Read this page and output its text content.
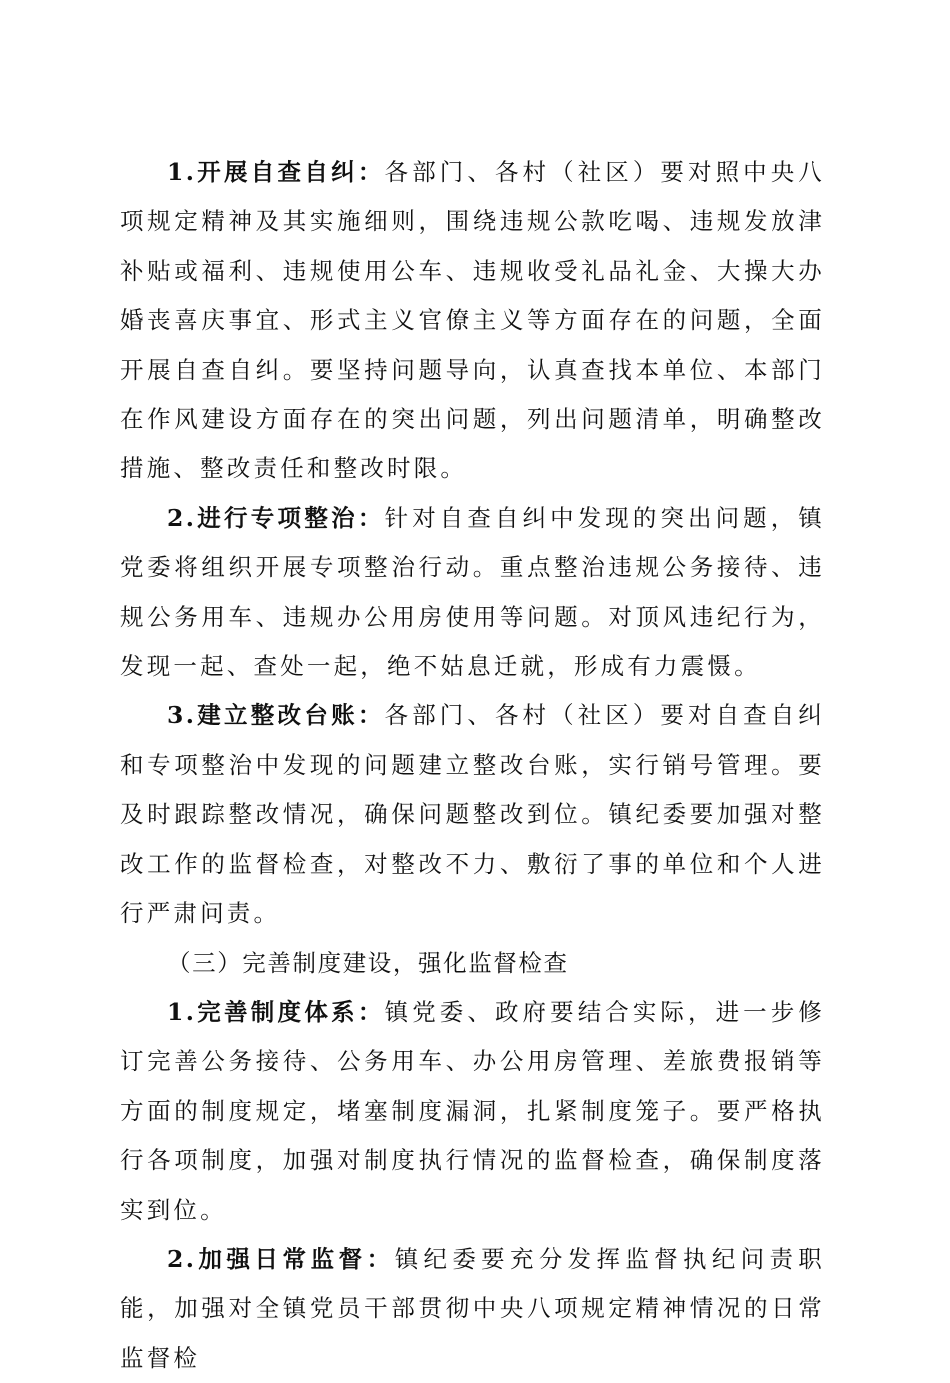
1.开展自查自纠：各部门、各村（社区）要对照中央八项规定精神及其实施细则，围绕违规公款吃喝、违规发放津补贴或福利、违规使用公车、违规收受礼品礼金、大操大办婚丧喜庆事宜、形式主义官僚主义等方面存在的问题，全面开展自查自纠。要坚持问题导向，认真查找本单位、本部门在作风建设方面存在的突出问题，列出问题清单，明确整改措施、整改责任和整改时限。

2.进行专项整治：针对自查自纠中发现的突出问题，镇党委将组织开展专项整治行动。重点整治违规公务接待、违规公务用车、违规办公用房使用等问题。对顶风违纪行为，发现一起、查处一起，绝不姑息迁就，形成有力震慑。

3.建立整改台账：各部门、各村（社区）要对自查自纠和专项整治中发现的问题建立整改台账，实行销号管理。要及时跟踪整改情况，确保问题整改到位。镇纪委要加强对整改工作的监督检查，对整改不力、敷衍了事的单位和个人进行严肃问责。

（三）完善制度建设，强化监督检查

1.完善制度体系：镇党委、政府要结合实际，进一步修订完善公务接待、公务用车、办公用房管理、差旅费报销等方面的制度规定，堵塞制度漏洞，扎紧制度笼子。要严格执行各项制度，加强对制度执行情况的监督检查，确保制度落实到位。

2.加强日常监督：镇纪委要充分发挥监督执纪问责职能，加强对全镇党员干部贯彻中央八项规定精神情况的日常监督检
